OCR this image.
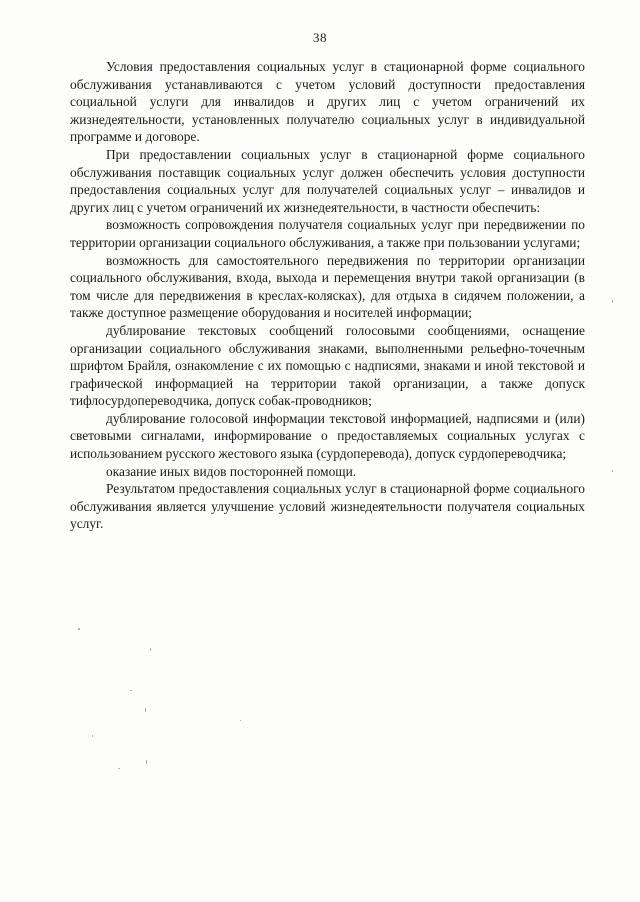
38

Условия предоставления социальных услуг в стационарной форме социального обслуживания устанавливаются с учетом условий доступности предоставления социальной услуги для инвалидов и других лиц с учетом ограничений их жизнедеятельности, установленных получателю социальных услуг в индивидуальной программе и договоре.

При предоставлении социальных услуг в стационарной форме социального обслуживания поставщик социальных услуг должен обеспечить условия доступности предоставления социальных услуг для получателей социальных услуг – инвалидов и других лиц с учетом ограничений их жизнедеятельности, в частности обеспечить:

возможность сопровождения получателя социальных услуг при передвижении по территории организации социального обслуживания, а также при пользовании услугами;

возможность для самостоятельного передвижения по территории организации социального обслуживания, входа, выхода и перемещения внутри такой организации (в том числе для передвижения в креслах-колясках), для отдыха в сидячем положении, а также доступное размещение оборудования и носителей информации;

дублирование текстовых сообщений голосовыми сообщениями, оснащение организации социального обслуживания знаками, выполненными рельефно-точечным шрифтом Брайля, ознакомление с их помощью с надписями, знаками и иной текстовой и графической информацией на территории такой организации, а также допуск тифлосурдопереводчика, допуск собак-проводников;

дублирование голосовой информации текстовой информацией, надписями и (или) световыми сигналами, информирование о предоставляемых социальных услугах с использованием русского жестового языка (сурдоперевода), допуск сурдопереводчика;

оказание иных видов посторонней помощи.

Результатом предоставления социальных услуг в стационарной форме социального обслуживания является улучшение условий жизнедеятельности получателя социальных услуг.
